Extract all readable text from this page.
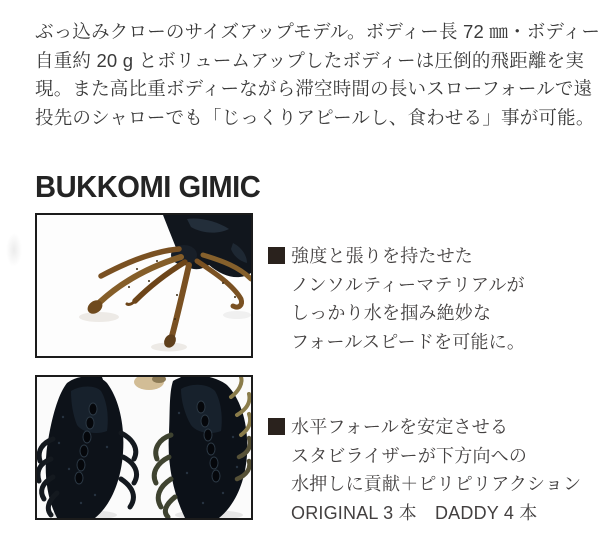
ぶっ込みクローのサイズアップモデル。ボディー長 72 ㎜・ボディー
自重約 20 g とボリュームアップしたボディーは圧倒的飛距離を実
現。また高比重ボディーながら滞空時間の長いスローフォールで遠
投先のシャローでも「じっくりアピールし、食わせる」事が可能。
BUKKOMI GIMIC
強度と張りを持たせた
ノンソルティーマテリアルが
しっかり水を掴み絶妙な
フォールスピードを可能に。
水平フォールを安定させる
スタビライザーが下方向への
水押しに貢献＋ピリピリアクション
ORIGINAL 3 本　DADDY 4 本
